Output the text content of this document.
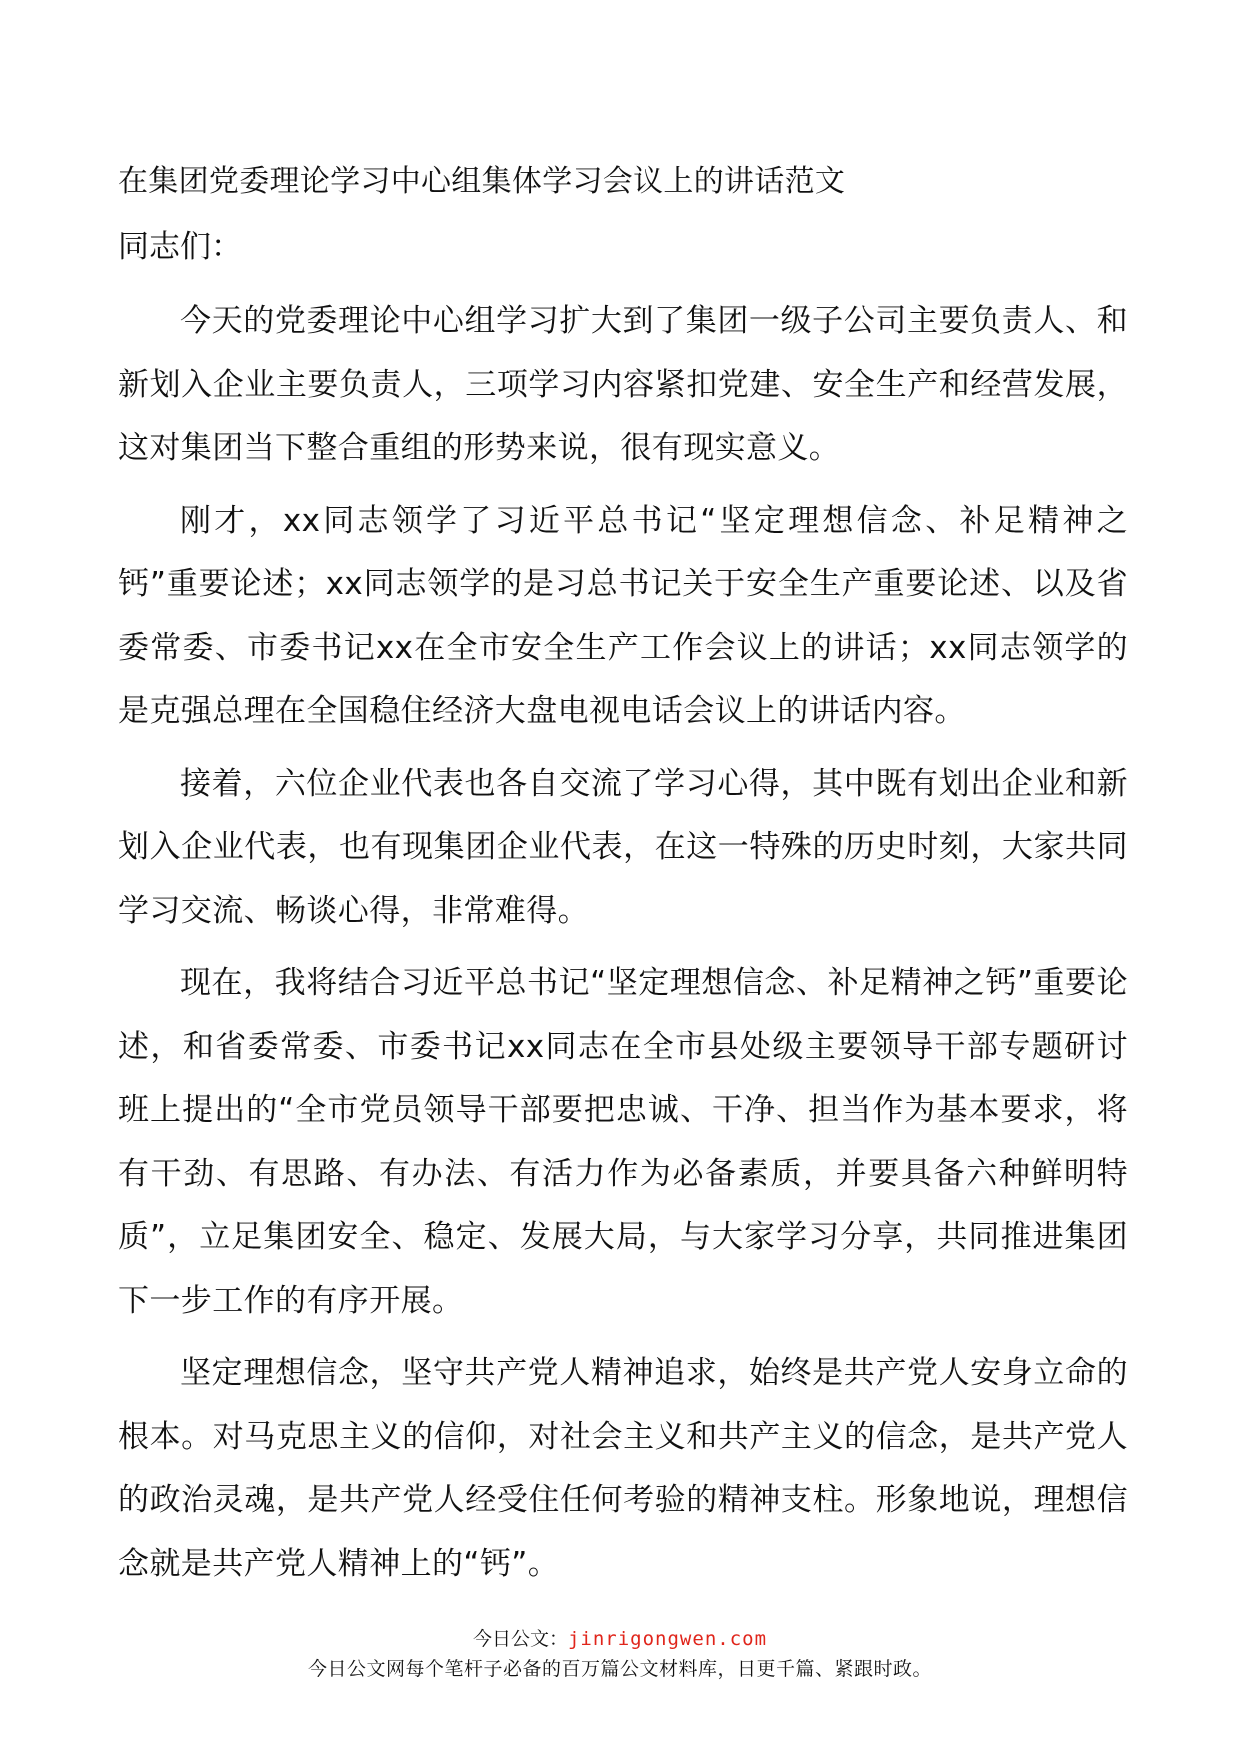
在集团党委理论学习中心组集体学习会议上的讲话范文

同志们：

今天的党委理论中心组学习扩大到了集团一级子公司主要负责人、和新划入企业主要负责人，三项学习内容紧扣党建、安全生产和经营发展，这对集团当下整合重组的形势来说，很有现实意义。

刚才，xx同志领学了习近平总书记“坚定理想信念、补足精神之钙”重要论述；xx同志领学的是习总书记关于安全生产重要论述、以及省委常委、市委书记xx在全市安全生产工作会议上的讲话；xx同志领学的是克强总理在全国稳住经济大盘电视电话会议上的讲话内容。

接着，六位企业代表也各自交流了学习心得，其中既有划出企业和新划入企业代表，也有现集团企业代表，在这一特殊的历史时刻，大家共同学习交流、畅谈心得，非常难得。

现在，我将结合习近平总书记“坚定理想信念、补足精神之钙”重要论述，和省委常委、市委书记xx同志在全市县处级主要领导干部专题研讨班上提出的“全市党员领导干部要把忠诚、干净、担当作为基本要求，将有干劲、有思路、有办法、有活力作为必备素质，并要具备六种鲜明特质”，立足集团安全、稳定、发展大局，与大家学习分享，共同推进集团下一步工作的有序开展。

坚定理想信念，坚守共产党人精神追求，始终是共产党人安身立命的根本。对马克思主义的信仰，对社会主义和共产主义的信念，是共产党人的政治灵魂，是共产党人经受住任何考验的精神支柱。形象地说，理想信念就是共产党人精神上的“钙”。

今日公文：jinrigongwen.com

今日公文网每个笔杆子必备的百万篇公文材料库，日更千篇、紧跟时政。
